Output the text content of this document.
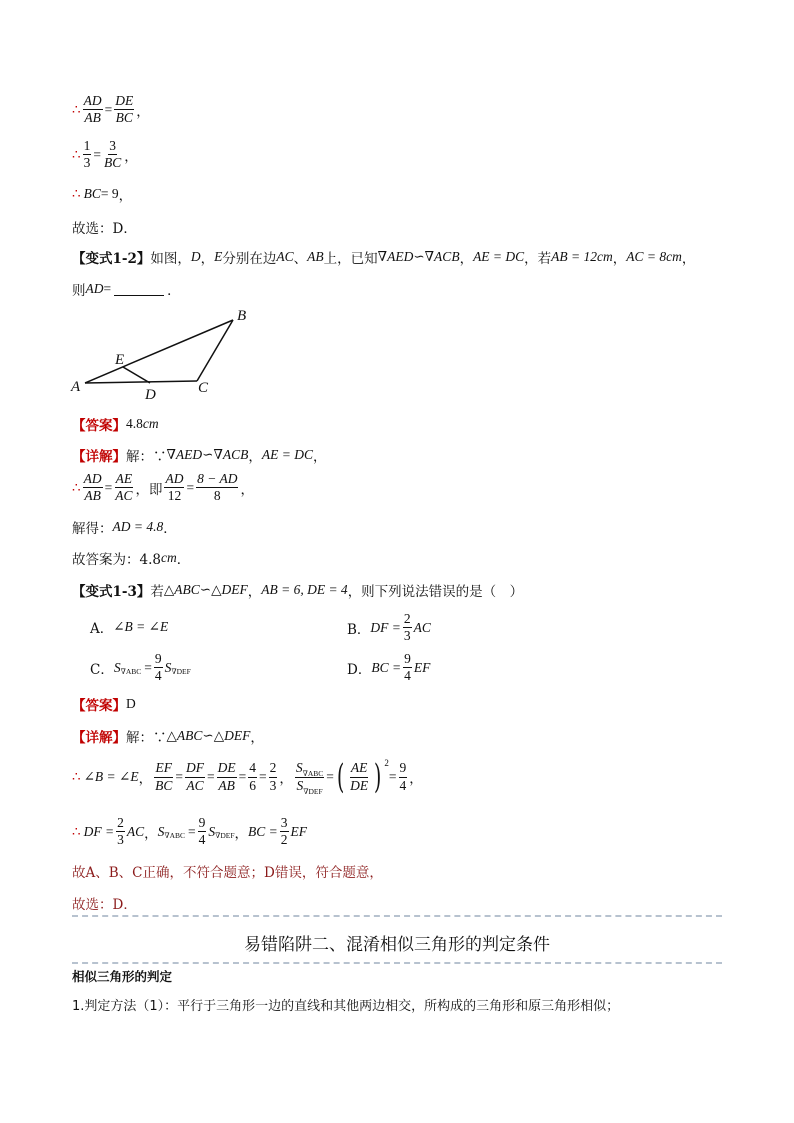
∴ $\frac{AD}{AB} = \frac{DE}{BC}$ ，
∴ $\frac{1}{3} = \frac{3}{BC}$ ，
∴ BC = 9 ，
故选：D．
【变式1-2】 如图， D ， E 分别在边 AC 、 AB 上，已知 ∇AED∽∇ACB ， AE = DC ，若 AB = 12 cm ， AC = 8 cm ，
则 AD =	．
A
B
C
D
E
【答案】 4.8 cm
【详解】 解：∵ ∇AED∽∇ACB ， AE = DC ，
∴ $\frac{AD}{AB} = \frac{AE}{AC}$ ，即 $\frac{AD}{12} = \frac{8 - AD}{8}$ ，
解得： AD = 4.8 ．
故答案为：4.8 cm ．
【变式1-3】 若 △ABC∽△DEF ， AB = 6, DE = 4 ，则下列说法错误的是（　）
A． ∠B = ∠E	B． DF = $\frac{2}{3}$ AC
C． S $\nabla ABC = \frac{9}{4}$ S ∇DEF	D． BC = $\frac{9}{4}$ EF
【答案】 D
【详解】 解：∵ △ABC∽△DEF ，
∴ ∠B = ∠E ， $\frac{EF}{BC} = \frac{DF}{AC} = \frac{DE}{AB} = \frac{4}{6} = \frac{2}{3}$ ， $\frac{S_{\nabla ABC}}{S_{\nabla DEF}}$ = ( $\frac{AE}{DE}$ ) 2
= $\frac{9}{4}$ ，
∴ DF = $\frac{2}{3}$ AC ， S $\nabla ABC = \frac{9}{4}$ S ∇DEF ， BC = $\frac{3}{2}$ EF
故A、B、C正确，不符合题意；D错误，符合题意，
故选：D．
易错陷阱二、混淆相似三角形的判定条件
相似三角形的判定
1.判定方法（1）：平行于三角形一边的直线和其他两边相交，所构成的三角形和原三角形相似；
